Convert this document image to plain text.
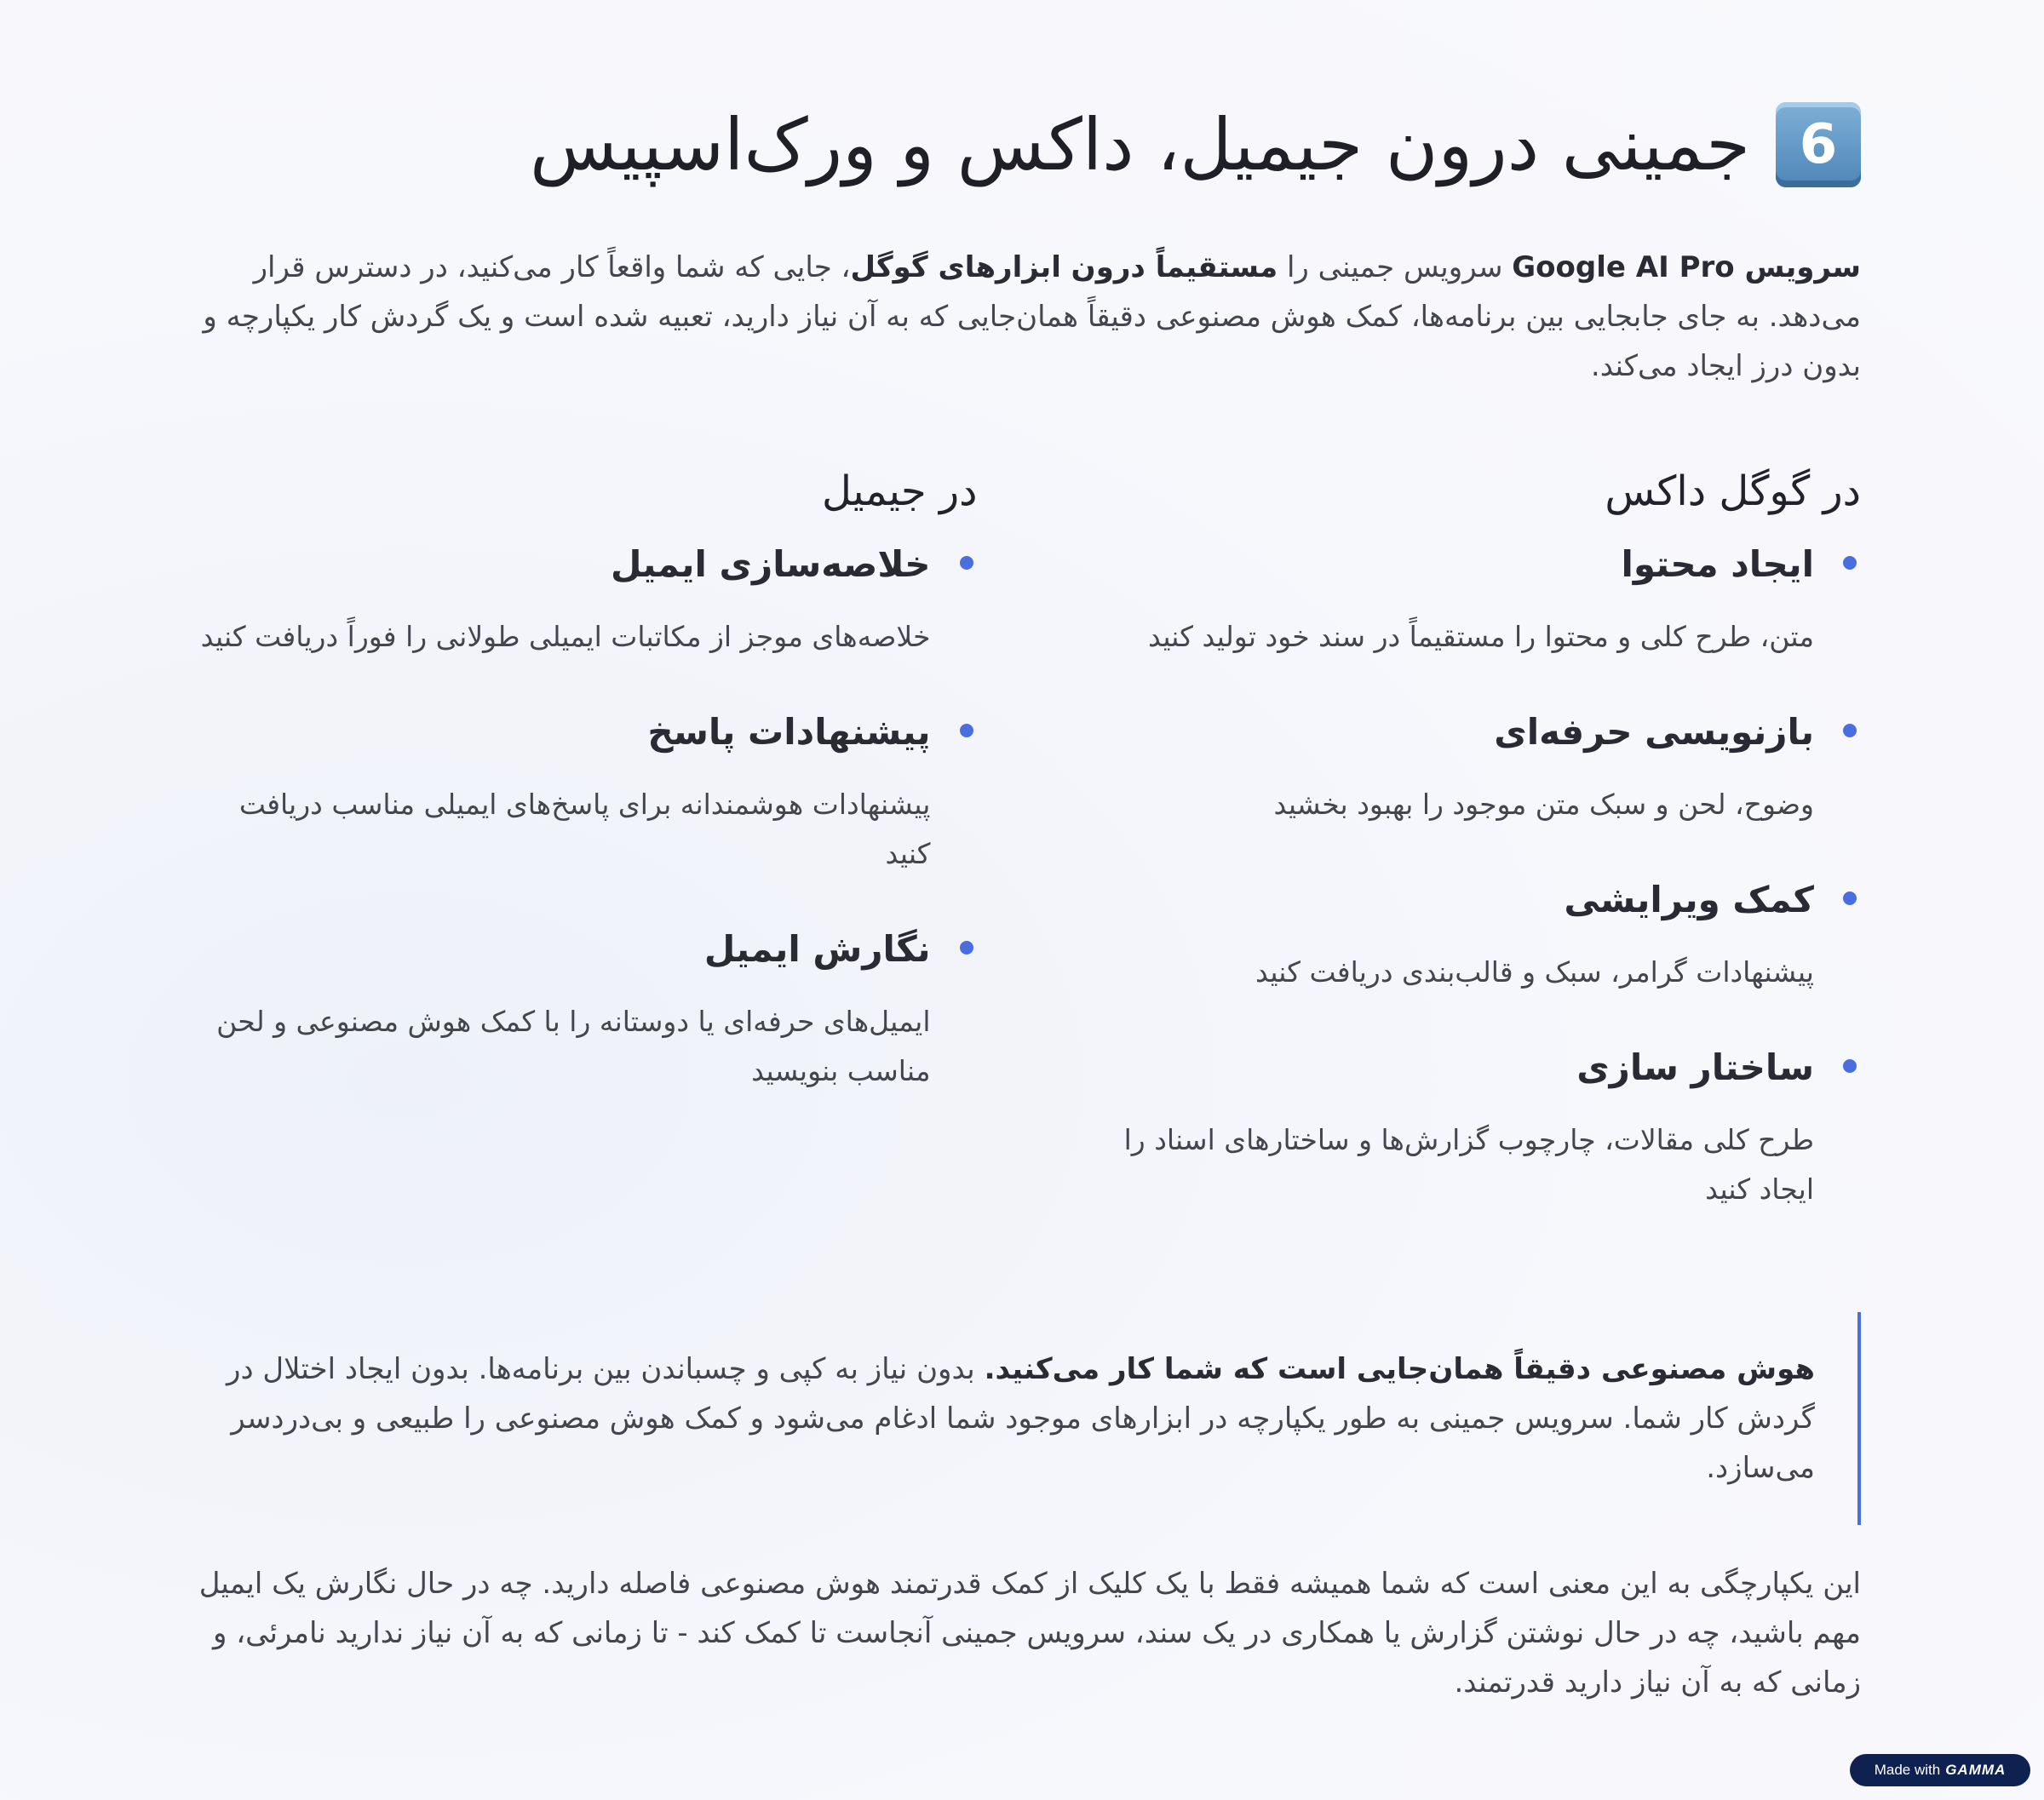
6
جمینی درون جیمیل، داکس و ورک‌اسپیس

سرویس Google AI Pro سرویس جمینی را مستقیماً درون ابزارهای گوگل، جایی که شما واقعاً کار می‌کنید، در دسترس قرار می‌دهد. به جای جابجایی بین برنامه‌ها، کمک هوش مصنوعی دقیقاً همان‌جایی که به آن نیاز دارید، تعبیه شده است و یک گردش کار یکپارچه و بدون درز ایجاد می‌کند.

در گوگل داکس
ایجاد محتوا

متن، طرح کلی و محتوا را مستقیماً در سند خود تولید کنید

بازنویسی حرفه‌ای

وضوح، لحن و سبک متن موجود را بهبود بخشید

کمک ویرایشی

پیشنهادات گرامر، سبک و قالب‌بندی دریافت کنید

ساختار سازی

طرح کلی مقالات، چارچوب گزارش‌ها و ساختارهای اسناد را ایجاد کنید

در جیمیل
خلاصه‌سازی ایمیل

خلاصه‌های موجز از مکاتبات ایمیلی طولانی را فوراً دریافت کنید

پیشنهادات پاسخ

پیشنهادات هوشمندانه برای پاسخ‌های ایمیلی مناسب دریافت کنید

نگارش ایمیل

ایمیل‌های حرفه‌ای یا دوستانه را با کمک هوش مصنوعی و لحن مناسب بنویسید

هوش مصنوعی دقیقاً همان‌جایی است که شما کار می‌کنید. بدون نیاز به کپی و چسباندن بین برنامه‌ها. بدون ایجاد اختلال در گردش کار شما. سرویس جمینی به طور یکپارچه در ابزارهای موجود شما ادغام می‌شود و کمک هوش مصنوعی را طبیعی و بی‌دردسر می‌سازد.

این یکپارچگی به این معنی است که شما همیشه فقط با یک کلیک از کمک قدرتمند هوش مصنوعی فاصله دارید. چه در حال نگارش یک ایمیل مهم باشید، چه در حال نوشتن گزارش یا همکاری در یک سند، سرویس جمینی آنجاست تا کمک کند - تا زمانی که به آن نیاز ندارید نامرئی، و زمانی که به آن نیاز دارید قدرتمند.

Made with GAMMA
